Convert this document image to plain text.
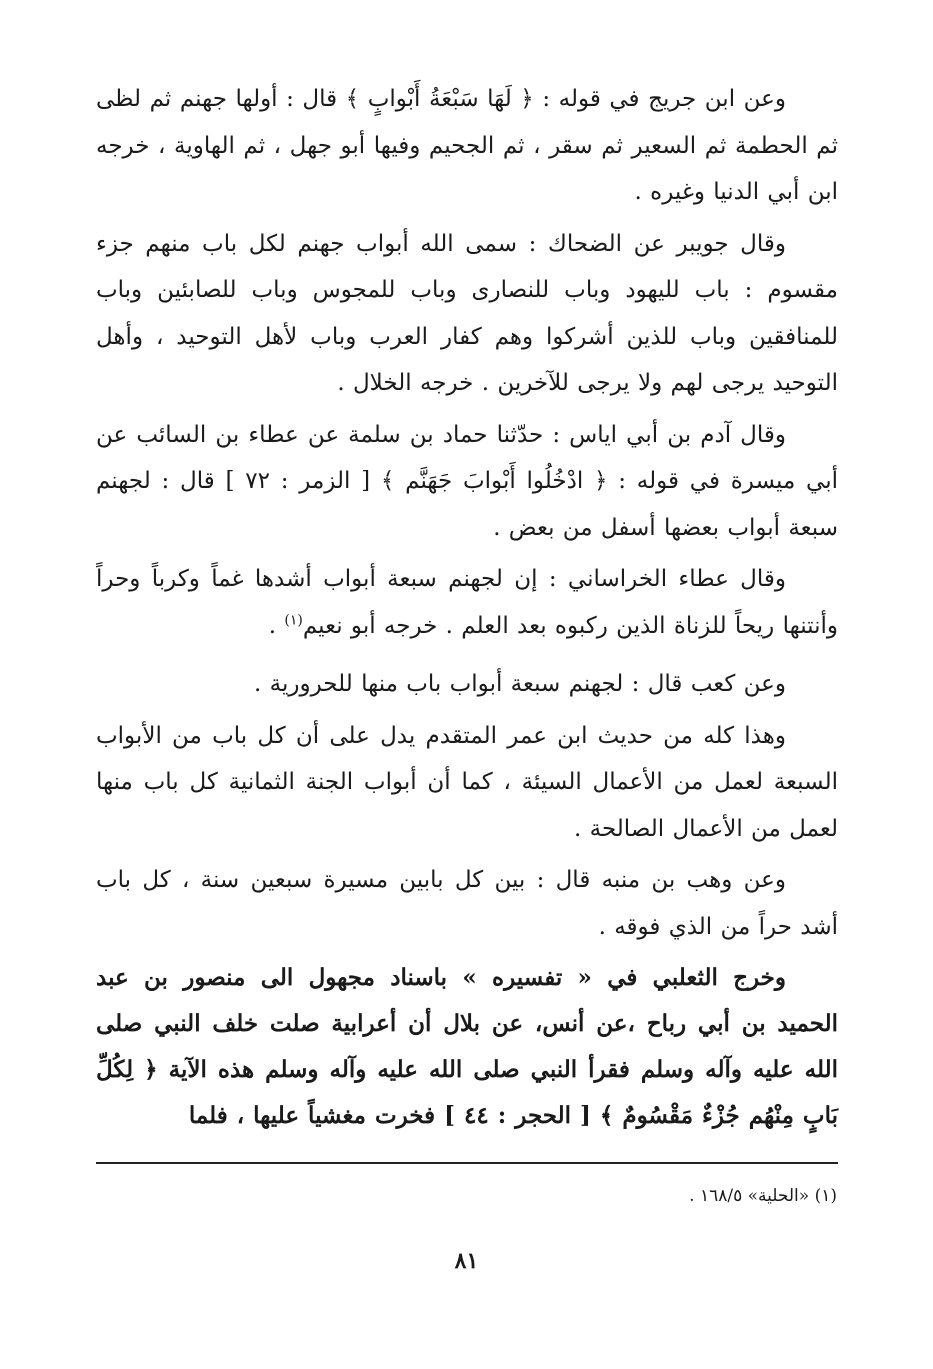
وعن ابن جريج في قوله : ﴿ لَهَا سَبْعَةُ أَبْوابٍ ﴾ قال : أولها جهنم ثم لظى ثم الحطمة ثم السعير ثم سقر ، ثم الجحيم وفيها أبو جهل ، ثم الهاوية ، خرجه ابن أبي الدنيا وغيره .

وقال جويبر عن الضحاك : سمى الله أبواب جهنم لكل باب منهم جزء مقسوم : باب لليهود وباب للنصارى وباب للمجوس وباب للصابئين وباب للمنافقين وباب للذين أشركوا وهم كفار العرب وباب لأهل التوحيد ، وأهل التوحيد يرجى لهم ولا يرجى للآخرين . خرجه الخلال .

وقال آدم بن أبي اياس : حدّثنا حماد بن سلمة عن عطاء بن السائب عن أبي ميسرة في قوله : ﴿ ادْخُلُوا أَبْوابَ جَهَنَّم ﴾ [ الزمر : ٧٢ ] قال : لجهنم سبعة أبواب بعضها أسفل من بعض .

وقال عطاء الخراساني : إن لجهنم سبعة أبواب أشدها غماً وكرباً وحراً وأنتنها ريحاً للزناة الذين ركبوه بعد العلم . خرجه أبو نعيم$^{(١)}$ .

وعن كعب قال : لجهنم سبعة أبواب باب منها للحرورية .

وهذا كله من حديث ابن عمر المتقدم يدل على أن كل باب من الأبواب السبعة لعمل من الأعمال السيئة ، كما أن أبواب الجنة الثمانية كل باب منها لعمل من الأعمال الصالحة .

وعن وهب بن منبه قال : بين كل بابين مسيرة سبعين سنة ، كل باب أشد حراً من الذي فوقه .

وخرج الثعلبي في « تفسيره » باسناد مجهول الى منصور بن عبد الحميد بن أبي رباح ،عن أنس، عن بلال أن أعرابية صلت خلف النبي صلى الله عليه وآله وسلم فقرأ النبي صلى الله عليه وآله وسلم هذه الآية ﴿ لِكُلِّ بَابٍ مِنْهُم جُزْءٌ مَقْسُومٌ ﴾ [ الحجر : ٤٤ ] فخرت مغشياً عليها ، فلما

(١) «الحلية» ١٦٨/٥ .
٨١
